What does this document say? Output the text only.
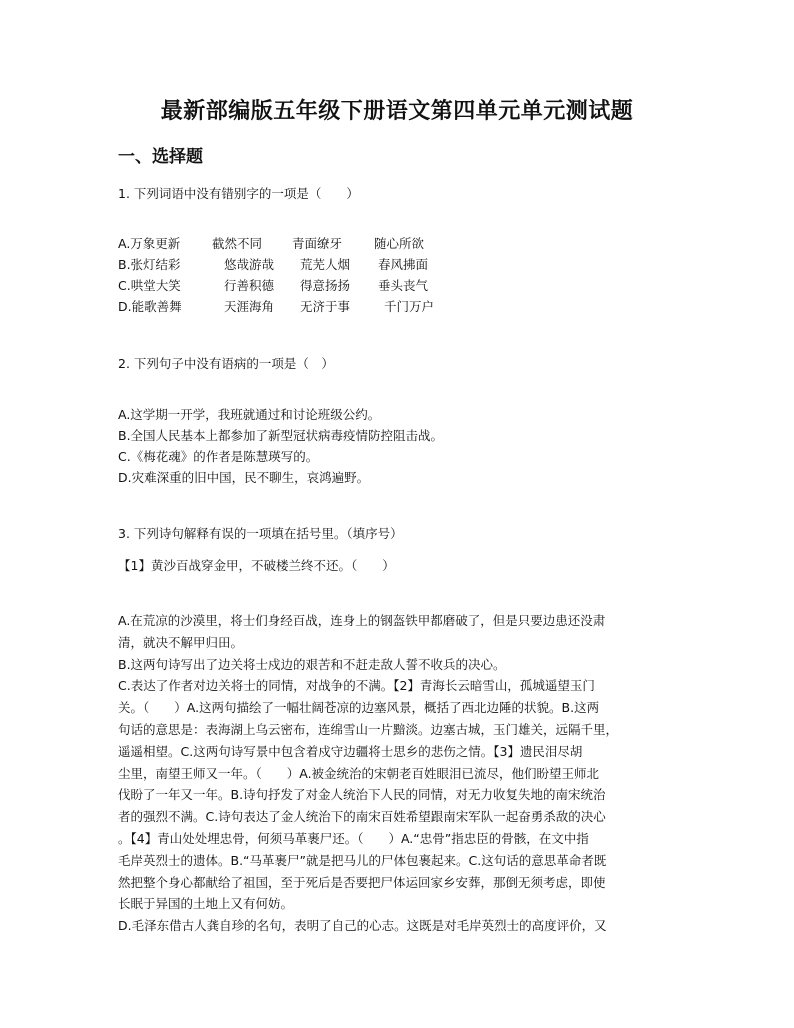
最新部编版五年级下册语文第四单元单元测试题
一、选择题
1. 下列词语中没有错别字的一项是（　　）
A.万象更新	截然不同 青面缭牙	随心所欲
B.张灯结彩	悠哉游哉 荒芜人烟 春风拂面
C.哄堂大笑	行善积德 得意扬扬 垂头丧气
D.能歌善舞	天涯海角 无济于事	千门万户
2. 下列句子中没有语病的一项是（　）
A.这学期一开学，我班就通过和讨论班级公约。
B.全国人民基本上都参加了新型冠状病毒疫情防控阻击战。
C.《梅花魂》的作者是陈慧瑛写的。
D.灾难深重的旧中国，民不聊生，哀鸿遍野。
3. 下列诗句解释有误的一项填在括号里。（填序号）
【1】黄沙百战穿金甲，不破楼兰终不还。（　　）
A.在荒凉的沙漠里，将士们身经百战，连身上的钢盔铁甲都磨破了，但是只要边患还没肃
清，就决不解甲归田。
B.这两句诗写出了边关将士戍边的艰苦和不赶走敌人誓不收兵的决心。
C.表达了作者对边关将士的同情，对战争的不满。【2】青海长云暗雪山，孤城遥望玉门
关。（　　）A.这两句描绘了一幅壮阔苍凉的边塞风景，概括了西北边陲的状貌。B.这两
句话的意思是：表海湖上乌云密布，连绵雪山一片黯淡。边塞古城，玉门雄关，远隔千里，
遥遥相望。C.这两句诗写景中包含着戍守边疆将士思乡的悲伤之情。【3】遗民泪尽胡
尘里，南望王师又一年。（　　）A.被金统治的宋朝老百姓眼泪已流尽，他们盼望王师北
伐盼了一年又一年。B.诗句抒发了对金人统治下人民的同情，对无力收复失地的南宋统治
者的强烈不满。C.诗句表达了金人统治下的南宋百姓希望跟南宋军队一起奋勇杀敌的决心
。【4】青山处处埋忠骨，何须马革裹尸还。（　　）A.“忠骨”指忠臣的骨骸，在文中指
毛岸英烈士的遗体。B.“马革裹尸”就是把马儿的尸体包裹起来。C.这句话的意思革命者既
然把整个身心都献给了祖国，至于死后是否要把尸体运回家乡安葬，那倒无须考虑，即使
长眠于异国的土地上又有何妨。
D.毛泽东借古人龚自珍的名句，表明了自己的心志。这既是对毛岸英烈士的高度评价，又
